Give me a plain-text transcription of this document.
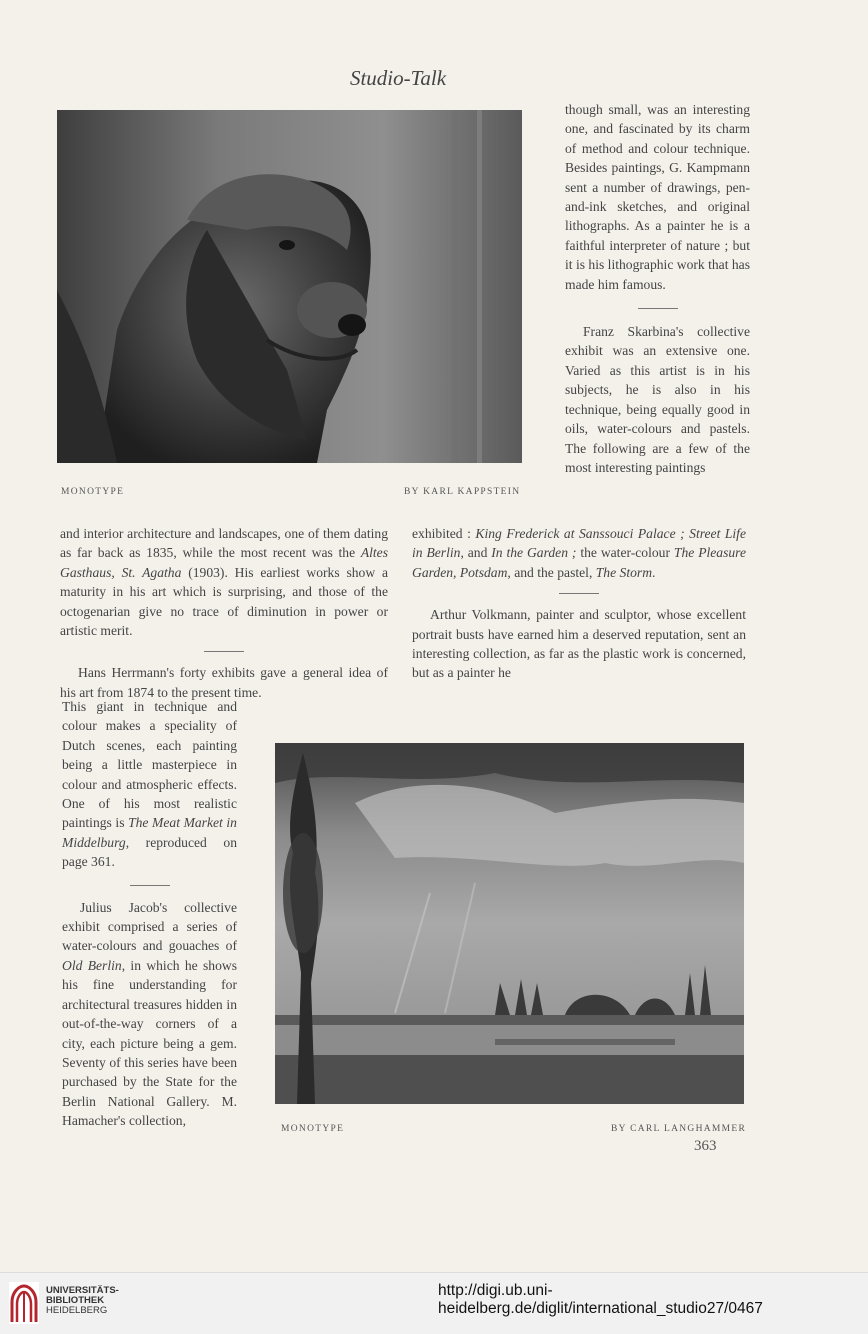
Studio-Talk
MONOTYPE	BY KARL KAPPSTEIN

though small, was an interesting one, and fascinated by its charm of method and colour technique. Besides paintings, G. Kampmann sent a number of drawings, pen-and-ink sketches, and original lithographs. As a painter he is a faithful interpreter of nature ; but it is his lithographic work that has made him famous.

Franz Skarbina's collective exhibit was an extensive one. Varied as this artist is in his subjects, he is also in his technique, being equally good in oils, water-colours and pastels. The following are a few of the most interesting paintings

and interior architecture and landscapes, one of them dating as far back as 1835, while the most recent was the Altes Gasthaus, St. Agatha (1903). His earliest works show a maturity in his art which is surprising, and those of the octogenarian give no trace of diminution in power or artistic merit.

Hans Herrmann's forty exhibits gave a general idea of his art from 1874 to the present time.

exhibited : King Frederick at Sanssouci Palace ; Street Life in Berlin, and In the Garden ; the water-colour The Pleasure Garden, Potsdam, and the pastel, The Storm.

Arthur Volkmann, painter and sculptor, whose excellent portrait busts have earned him a deserved reputation, sent an interesting collection, as far as the plastic work is concerned, but as a painter he

This giant in technique and colour makes a speciality of Dutch scenes, each painting being a little masterpiece in colour and atmospheric effects. One of his most realistic paintings is The Meat Market in Middelburg, reproduced on page 361.

Julius Jacob's collective exhibit comprised a series of water-colours and gouaches of Old Berlin, in which he shows his fine understanding for architectural treasures hidden in out-of-the-way corners of a city, each picture being a gem. Seventy of this series have been purchased by the State for the Berlin National Gallery. M. Hamacher's collection,

MONOTYPE	BY CARL LANGHAMMER
363
UNIVERSITÄTS-
BIBLIOTHEK
HEIDELBERG
http://digi.ub.uni-heidelberg.de/diglit/international_studio27/0467
